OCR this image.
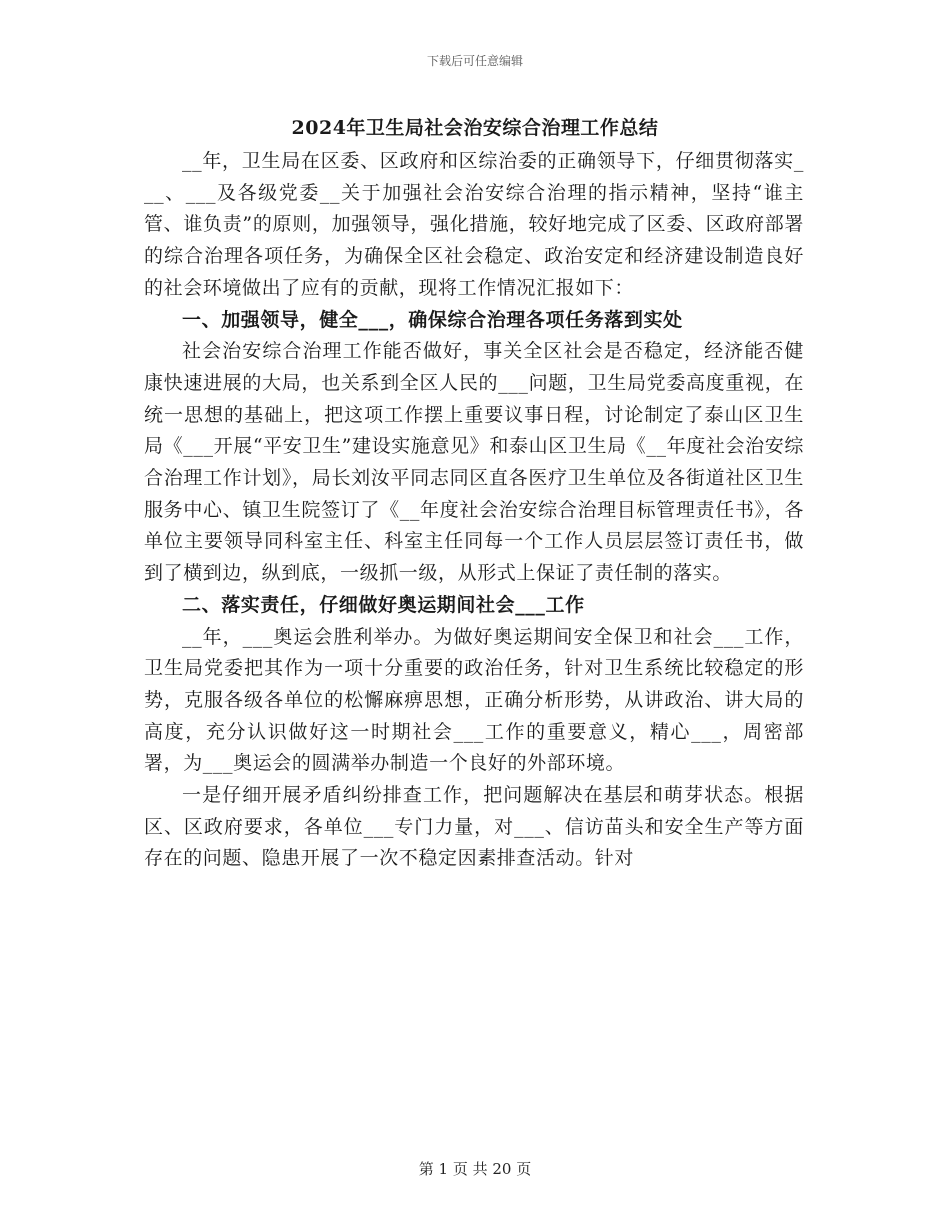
下载后可任意编辑
2024年卫生局社会治安综合治理工作总结

__年，卫生局在区委、区政府和区综治委的正确领导下，仔细贯彻落实___、___及各级党委__关于加强社会治安综合治理的指示精神，坚持“谁主管、谁负责”的原则，加强领导，强化措施，较好地完成了区委、区政府部署的综合治理各项任务，为确保全区社会稳定、政治安定和经济建设制造良好的社会环境做出了应有的贡献，现将工作情况汇报如下：

一、加强领导，健全___，确保综合治理各项任务落到实处

社会治安综合治理工作能否做好，事关全区社会是否稳定，经济能否健康快速进展的大局，也关系到全区人民的___问题，卫生局党委高度重视，在统一思想的基础上，把这项工作摆上重要议事日程，讨论制定了泰山区卫生局《___开展“平安卫生”建设实施意见》和泰山区卫生局《__年度社会治安综合治理工作计划》，局长刘汝平同志同区直各医疗卫生单位及各街道社区卫生服务中心、镇卫生院签订了《__年度社会治安综合治理目标管理责任书》，各单位主要领导同科室主任、科室主任同每一个工作人员层层签订责任书，做到了横到边，纵到底，一级抓一级，从形式上保证了责任制的落实。

二、落实责任，仔细做好奥运期间社会___工作

__年，___奥运会胜利举办。为做好奥运期间安全保卫和社会___工作，卫生局党委把其作为一项十分重要的政治任务，针对卫生系统比较稳定的形势，克服各级各单位的松懈麻痹思想，正确分析形势，从讲政治、讲大局的高度，充分认识做好这一时期社会___工作的重要意义，精心___，周密部署，为___奥运会的圆满举办制造一个良好的外部环境。

一是仔细开展矛盾纠纷排查工作，把问题解决在基层和萌芽状态。根据区、区政府要求，各单位___专门力量，对___、信访苗头和安全生产等方面存在的问题、隐患开展了一次不稳定因素排查活动。针对

第 1 页 共 20 页
